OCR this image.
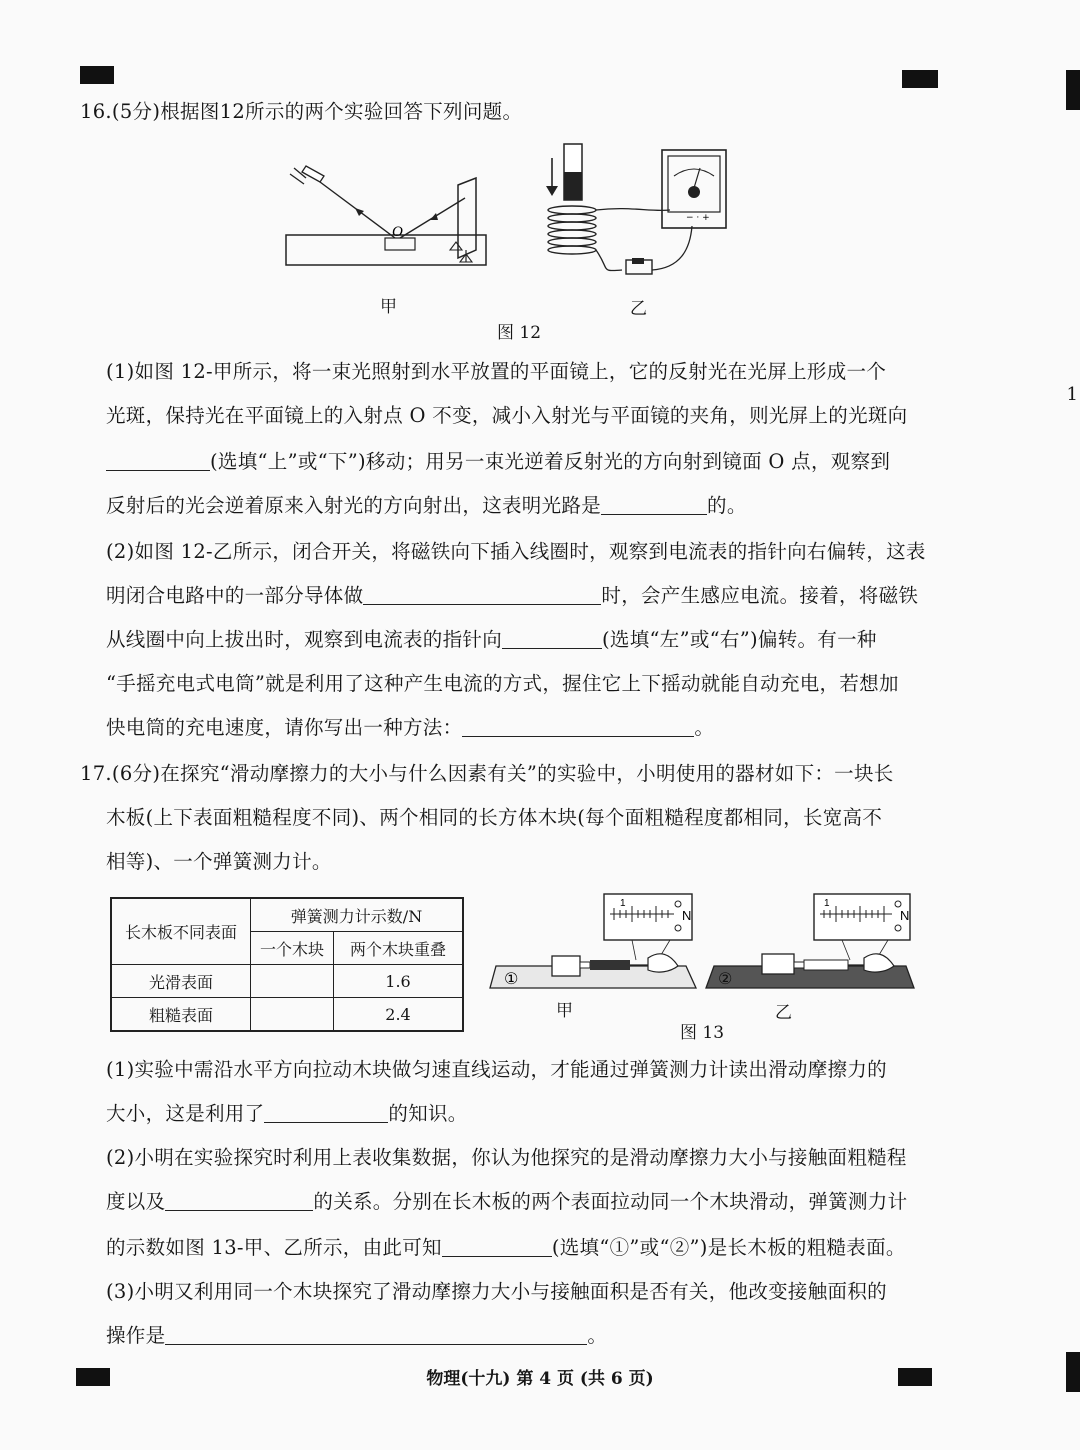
1
16.(5分)根据图12所示的两个实验回答下列问题。
O
甲
− · +
乙
图 12
(1)如图 12-甲所示，将一束光照射到水平放置的平面镜上，它的反射光在光屏上形成一个
光斑，保持光在平面镜上的入射点 O 不变，减小入射光与平面镜的夹角，则光屏上的光斑向
(选填“上”或“下”)移动；用另一束光逆着反射光的方向射到镜面 O 点，观察到
反射后的光会逆着原来入射光的方向射出，这表明光路是	的。
(2)如图 12-乙所示，闭合开关，将磁铁向下插入线圈时，观察到电流表的指针向右偏转，这表
明闭合电路中的一部分导体做	时，会产生感应电流。接着，将磁铁
从线圈中向上拔出时，观察到电流表的指针向	(选填“左”或“右”)偏转。有一种
“手摇充电式电筒”就是利用了这种产生电流的方式，握住它上下摇动就能自动充电，若想加
快电筒的充电速度，请你写出一种方法：	。
17.(6分)在探究“滑动摩擦力的大小与什么因素有关”的实验中，小明使用的器材如下：一块长
木板(上下表面粗糙程度不同)、两个相同的长方体木块(每个面粗糙程度都相同，长宽高不
相等)、一个弹簧测力计。
长木板不同表面	弹簧测力计示数/N	
	一个木块	两个木块重叠
光滑表面		1.6
粗糙表面		2.4
1
N
①
甲
图 13
1
N
②
乙
(1)实验中需沿水平方向拉动木块做匀速直线运动，才能通过弹簧测力计读出滑动摩擦力的
大小，这是利用了	的知识。
(2)小明在实验探究时利用上表收集数据，你认为他探究的是滑动摩擦力大小与接触面粗糙程
度以及	的关系。分别在长木板的两个表面拉动同一个木块滑动，弹簧测力计
的示数如图 13-甲、乙所示，由此可知	(选填“①”或“②”)是长木板的粗糙表面。
(3)小明又利用同一个木块探究了滑动摩擦力大小与接触面积是否有关，他改变接触面积的
操作是	。
物理(十九) 第 4 页 (共 6 页)
